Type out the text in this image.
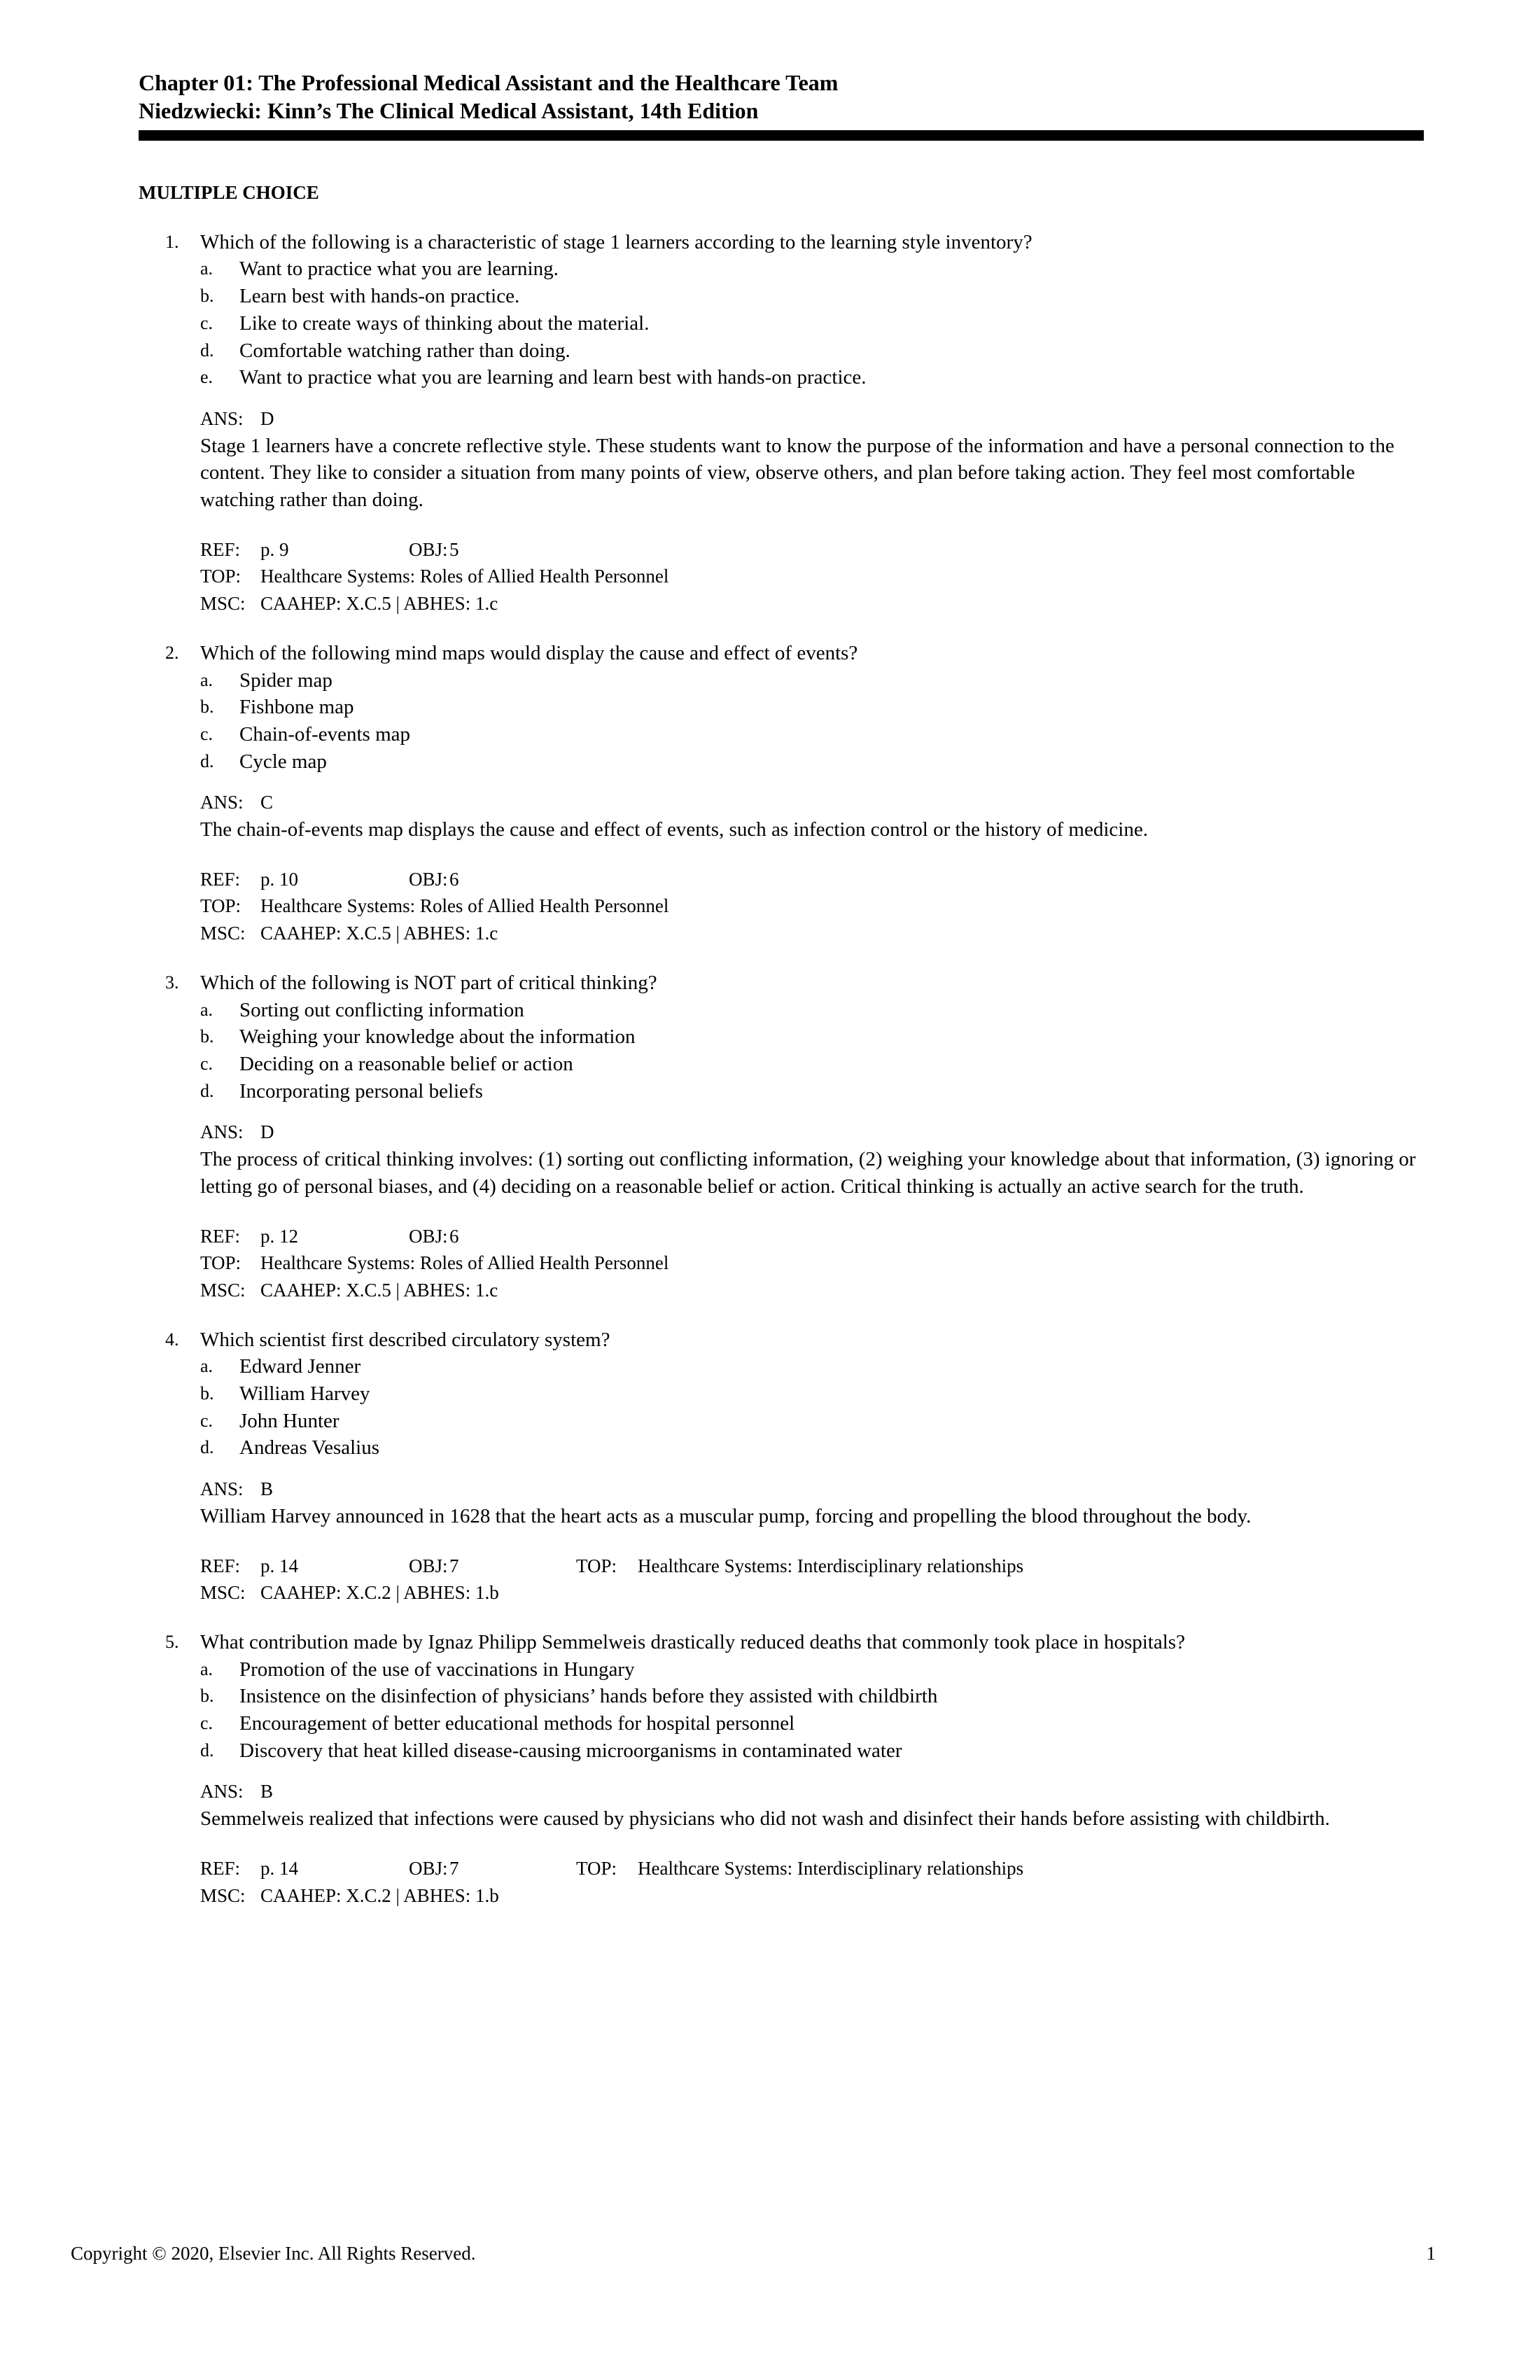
Chapter 01: The Professional Medical Assistant and the Healthcare Team
Niedzwiecki: Kinn’s The Clinical Medical Assistant, 14th Edition
MULTIPLE CHOICE
1. Which of the following is a characteristic of stage 1 learners according to the learning style inventory?
a. Want to practice what you are learning.
b. Learn best with hands-on practice.
c. Like to create ways of thinking about the material.
d. Comfortable watching rather than doing.
e. Want to practice what you are learning and learn best with hands-on practice.
ANS: D
Stage 1 learners have a concrete reflective style. These students want to know the purpose of the information and have a personal connection to the content. They like to consider a situation from many points of view, observe others, and plan before taking action. They feel most comfortable watching rather than doing.
REF: p. 9	OBJ:5
TOP: Healthcare Systems: Roles of Allied Health Personnel
MSC: CAAHEP: X.C.5 | ABHES: 1.c
2. Which of the following mind maps would display the cause and effect of events?
a. Spider map
b. Fishbone map
c. Chain-of-events map
d. Cycle map
ANS: C
The chain-of-events map displays the cause and effect of events, such as infection control or the history of medicine.
REF: p. 10	OBJ:6
TOP: Healthcare Systems: Roles of Allied Health Personnel
MSC: CAAHEP: X.C.5 | ABHES: 1.c
3. Which of the following is NOT part of critical thinking?
a. Sorting out conflicting information
b. Weighing your knowledge about the information
c. Deciding on a reasonable belief or action
d. Incorporating personal beliefs
ANS: D
The process of critical thinking involves: (1) sorting out conflicting information, (2) weighing your knowledge about that information, (3) ignoring or letting go of personal biases, and (4) deciding on a reasonable belief or action. Critical thinking is actually an active search for the truth.
REF: p. 12	OBJ:6
TOP: Healthcare Systems: Roles of Allied Health Personnel
MSC: CAAHEP: X.C.5 | ABHES: 1.c
4. Which scientist first described circulatory system?
a. Edward Jenner
b. William Harvey
c. John Hunter
d. Andreas Vesalius
ANS: B
William Harvey announced in 1628 that the heart acts as a muscular pump, forcing and propelling the blood throughout the body.
REF: p. 14	OBJ:7	TOP: Healthcare Systems: Interdisciplinary relationships
MSC: CAAHEP: X.C.2 | ABHES: 1.b
5. What contribution made by Ignaz Philipp Semmelweis drastically reduced deaths that commonly took place in hospitals?
a. Promotion of the use of vaccinations in Hungary
b. Insistence on the disinfection of physicians’ hands before they assisted with childbirth
c. Encouragement of better educational methods for hospital personnel
d. Discovery that heat killed disease-causing microorganisms in contaminated water
ANS: B
Semmelweis realized that infections were caused by physicians who did not wash and disinfect their hands before assisting with childbirth.
REF: p. 14	OBJ:7	TOP: Healthcare Systems: Interdisciplinary relationships
MSC: CAAHEP: X.C.2 | ABHES: 1.b
Copyright © 2020, Elsevier Inc. All Rights Reserved.	1
